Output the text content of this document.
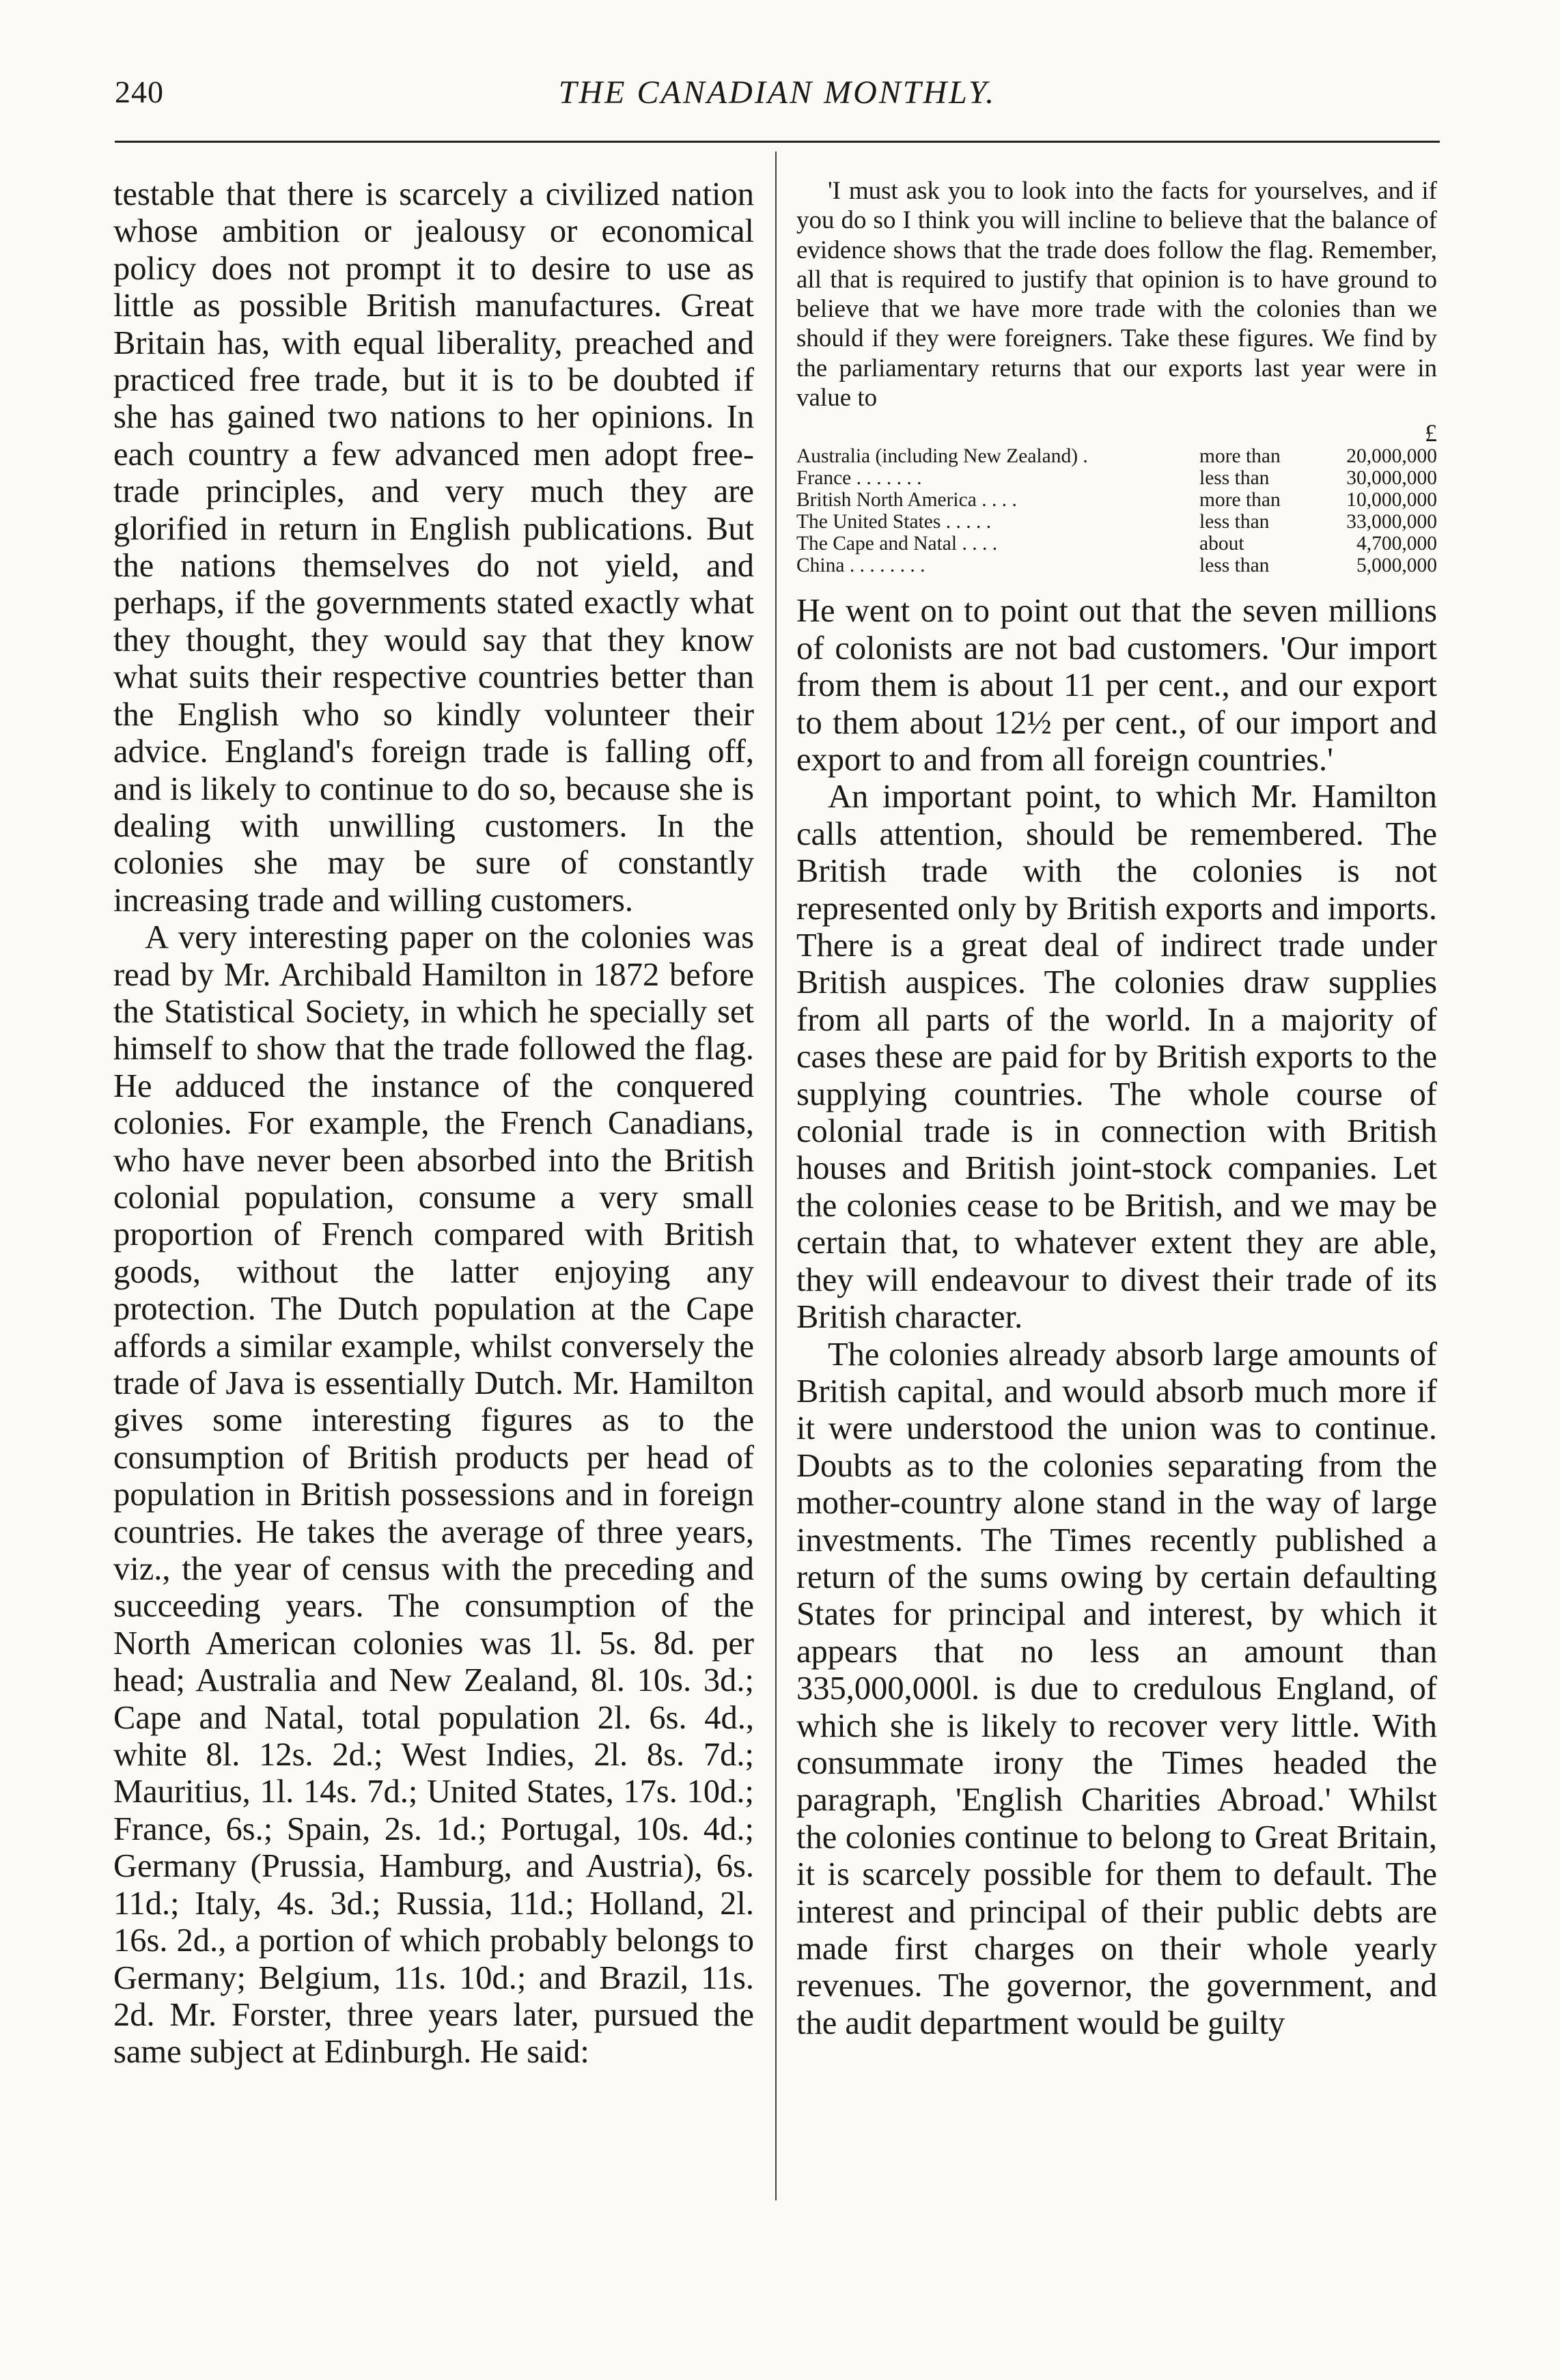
240	THE CANADIAN MONTHLY.

testable that there is scarcely a civilized nation whose ambition or jealousy or economical policy does not prompt it to desire to use as little as possible British manufactures. Great Britain has, with equal liberality, preached and practiced free trade, but it is to be doubted if she has gained two nations to her opinions. In each country a few advanced men adopt free-trade principles, and very much they are glorified in return in English publications. But the nations themselves do not yield, and perhaps, if the governments stated exactly what they thought, they would say that they know what suits their respective countries better than the English who so kindly volunteer their advice. England's foreign trade is falling off, and is likely to continue to do so, because she is dealing with unwilling customers. In the colonies she may be sure of constantly increasing trade and willing customers.

A very interesting paper on the colonies was read by Mr. Archibald Hamilton in 1872 before the Statistical Society, in which he specially set himself to show that the trade followed the flag. He adduced the instance of the conquered colonies. For example, the French Canadians, who have never been absorbed into the British colonial population, consume a very small proportion of French compared with British goods, without the latter enjoying any protection. The Dutch population at the Cape affords a similar example, whilst conversely the trade of Java is essentially Dutch. Mr. Hamilton gives some interesting figures as to the consumption of British products per head of population in British possessions and in foreign countries. He takes the average of three years, viz., the year of census with the preceding and succeeding years. The consumption of the North American colonies was 1l. 5s. 8d. per head; Australia and New Zealand, 8l. 10s. 3d.; Cape and Natal, total population 2l. 6s. 4d., white 8l. 12s. 2d.; West Indies, 2l. 8s. 7d.; Mauritius, 1l. 14s. 7d.; United States, 17s. 10d.; France, 6s.; Spain, 2s. 1d.; Portugal, 10s. 4d.; Germany (Prussia, Hamburg, and Austria), 6s. 11d.; Italy, 4s. 3d.; Russia, 11d.; Holland, 2l. 16s. 2d., a portion of which probably belongs to Germany; Belgium, 11s. 10d.; and Brazil, 11s. 2d. Mr. Forster, three years later, pursued the same subject at Edinburgh. He said:

'I must ask you to look into the facts for yourselves, and if you do so I think you will incline to believe that the balance of evidence shows that the trade does follow the flag. Remember, all that is required to justify that opinion is to have ground to believe that we have more trade with the colonies than we should if they were foreigners. Take these figures. We find by the parliamentary returns that our exports last year were in value to

£		
Australia (including New Zealand) .	more than	20,000,000
France . . . . . . .	less than	30,000,000
British North America . . . .	more than	10,000,000
The United States . . . . .	less than	33,000,000
The Cape and Natal . . . .	about	4,700,000
China . . . . . . . .	less than	5,000,000

He went on to point out that the seven millions of colonists are not bad customers. 'Our import from them is about 11 per cent., and our export to them about 12½ per cent., of our import and export to and from all foreign countries.'

An important point, to which Mr. Hamilton calls attention, should be remembered. The British trade with the colonies is not represented only by British exports and imports. There is a great deal of indirect trade under British auspices. The colonies draw supplies from all parts of the world. In a majority of cases these are paid for by British exports to the supplying countries. The whole course of colonial trade is in connection with British houses and British joint-stock companies. Let the colonies cease to be British, and we may be certain that, to whatever extent they are able, they will endeavour to divest their trade of its British character.

The colonies already absorb large amounts of British capital, and would absorb much more if it were understood the union was to continue. Doubts as to the colonies separating from the mother-country alone stand in the way of large investments. The Times recently published a return of the sums owing by certain defaulting States for principal and interest, by which it appears that no less an amount than 335,000,000l. is due to credulous England, of which she is likely to recover very little. With consummate irony the Times headed the paragraph, 'English Charities Abroad.' Whilst the colonies continue to belong to Great Britain, it is scarcely possible for them to default. The interest and principal of their public debts are made first charges on their whole yearly revenues. The governor, the government, and the audit department would be guilty
